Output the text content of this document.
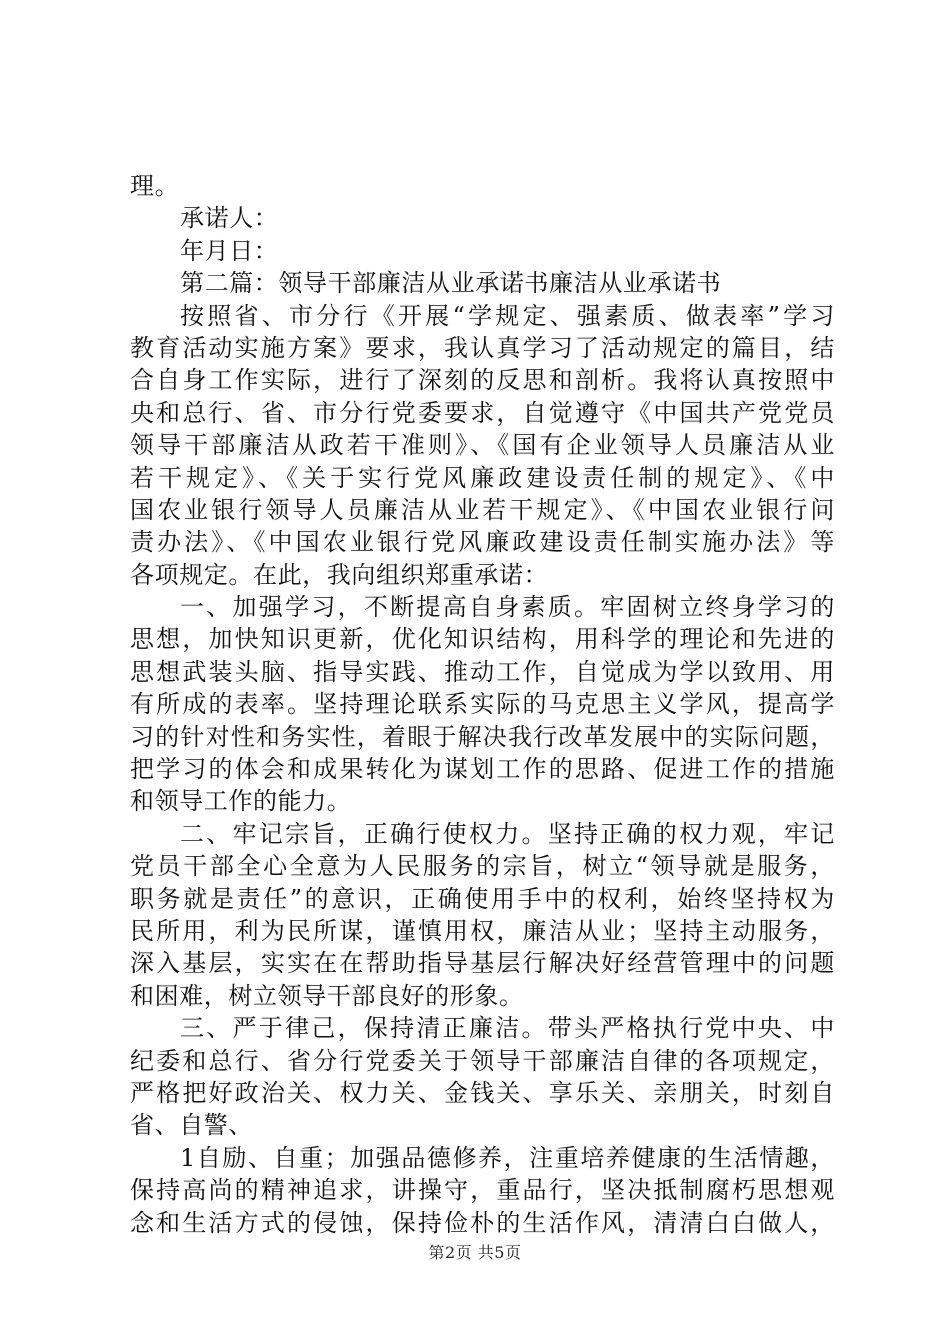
理。
承诺人：
年月日：
第二篇：领导干部廉洁从业承诺书廉洁从业承诺书
按照省、市分行《开展“学规定、强素质、做表率”学习
教育活动实施方案》要求，我认真学习了活动规定的篇目，结
合自身工作实际，进行了深刻的反思和剖析。我将认真按照中
央和总行、省、市分行党委要求，自觉遵守《中国共产党党员
领导干部廉洁从政若干准则》、《国有企业领导人员廉洁从业
若干规定》、《关于实行党风廉政建设责任制的规定》、《中
国农业银行领导人员廉洁从业若干规定》、《中国农业银行问
责办法》、《中国农业银行党风廉政建设责任制实施办法》等
各项规定。在此，我向组织郑重承诺：
一、加强学习，不断提高自身素质。牢固树立终身学习的
思想，加快知识更新，优化知识结构，用科学的理论和先进的
思想武装头脑、指导实践、推动工作，自觉成为学以致用、用
有所成的表率。坚持理论联系实际的马克思主义学风，提高学
习的针对性和务实性，着眼于解决我行改革发展中的实际问题，
把学习的体会和成果转化为谋划工作的思路、促进工作的措施
和领导工作的能力。
二、牢记宗旨，正确行使权力。坚持正确的权力观，牢记
党员干部全心全意为人民服务的宗旨，树立“领导就是服务，
职务就是责任”的意识，正确使用手中的权利，始终坚持权为
民所用，利为民所谋，谨慎用权，廉洁从业；坚持主动服务，
深入基层，实实在在帮助指导基层行解决好经营管理中的问题
和困难，树立领导干部良好的形象。
三、严于律己，保持清正廉洁。带头严格执行党中央、中
纪委和总行、省分行党委关于领导干部廉洁自律的各项规定，
严格把好政治关、权力关、金钱关、享乐关、亲朋关，时刻自
省、自警、
1自励、自重；加强品德修养，注重培养健康的生活情趣，
保持高尚的精神追求，讲操守，重品行，坚决抵制腐朽思想观
念和生活方式的侵蚀，保持俭朴的生活作风，清清白白做人，
第2页 共5页
